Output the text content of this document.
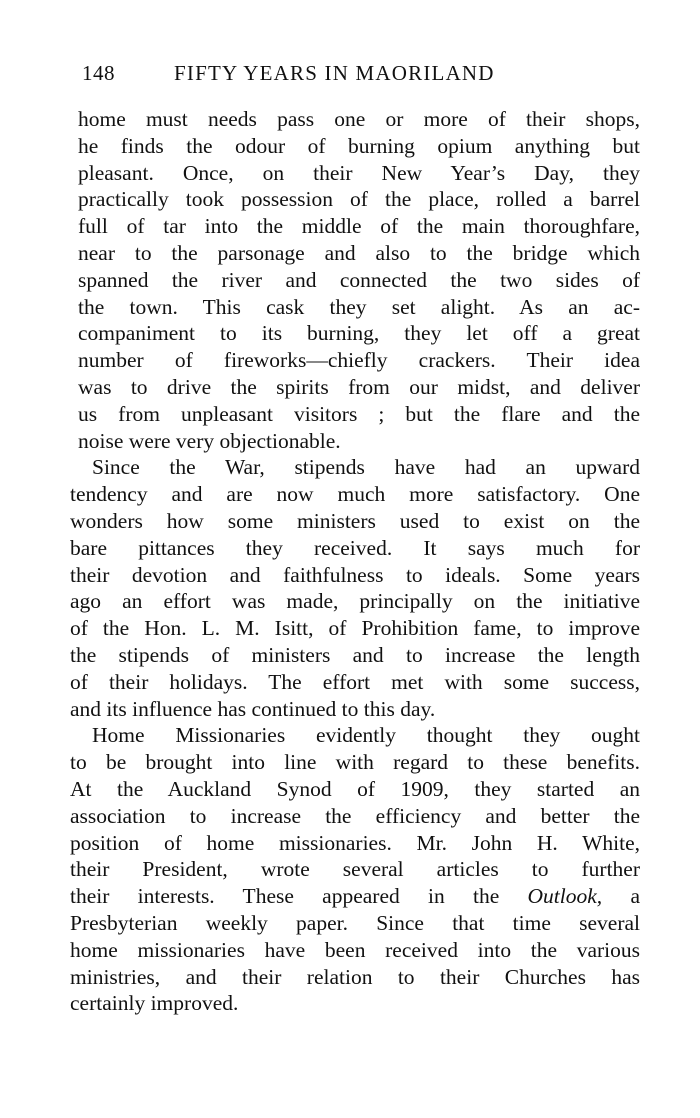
148	FIFTY YEARS IN MAORILAND
home must needs pass one or more of their shops,
he finds the odour of burning opium anything but
pleasant. Once, on their New Year’s Day, they
practically took possession of the place, rolled a barrel
full of tar into the middle of the main thoroughfare,
near to the parsonage and also to the bridge which
spanned the river and connected the two sides of
the town. This cask they set alight. As an ac-
companiment to its burning, they let off a great
number of fireworks—chiefly crackers. Their idea
was to drive the spirits from our midst, and deliver
us from unpleasant visitors ; but the flare and the
noise were very objectionable.
Since the War, stipends have had an upward
tendency and are now much more satisfactory. One
wonders how some ministers used to exist on the
bare pittances they received. It says much for
their devotion and faithfulness to ideals. Some years
ago an effort was made, principally on the initiative
of the Hon. L. M. Isitt, of Prohibition fame, to improve
the stipends of ministers and to increase the length
of their holidays. The effort met with some success,
and its influence has continued to this day.
Home Missionaries evidently thought they ought
to be brought into line with regard to these benefits.
At the Auckland Synod of 1909, they started an
association to increase the efficiency and better the
position of home missionaries. Mr. John H. White,
their President, wrote several articles to further
their interests. These appeared in the Outlook, a
Presbyterian weekly paper. Since that time several
home missionaries have been received into the various
ministries, and their relation to their Churches has
certainly improved.
